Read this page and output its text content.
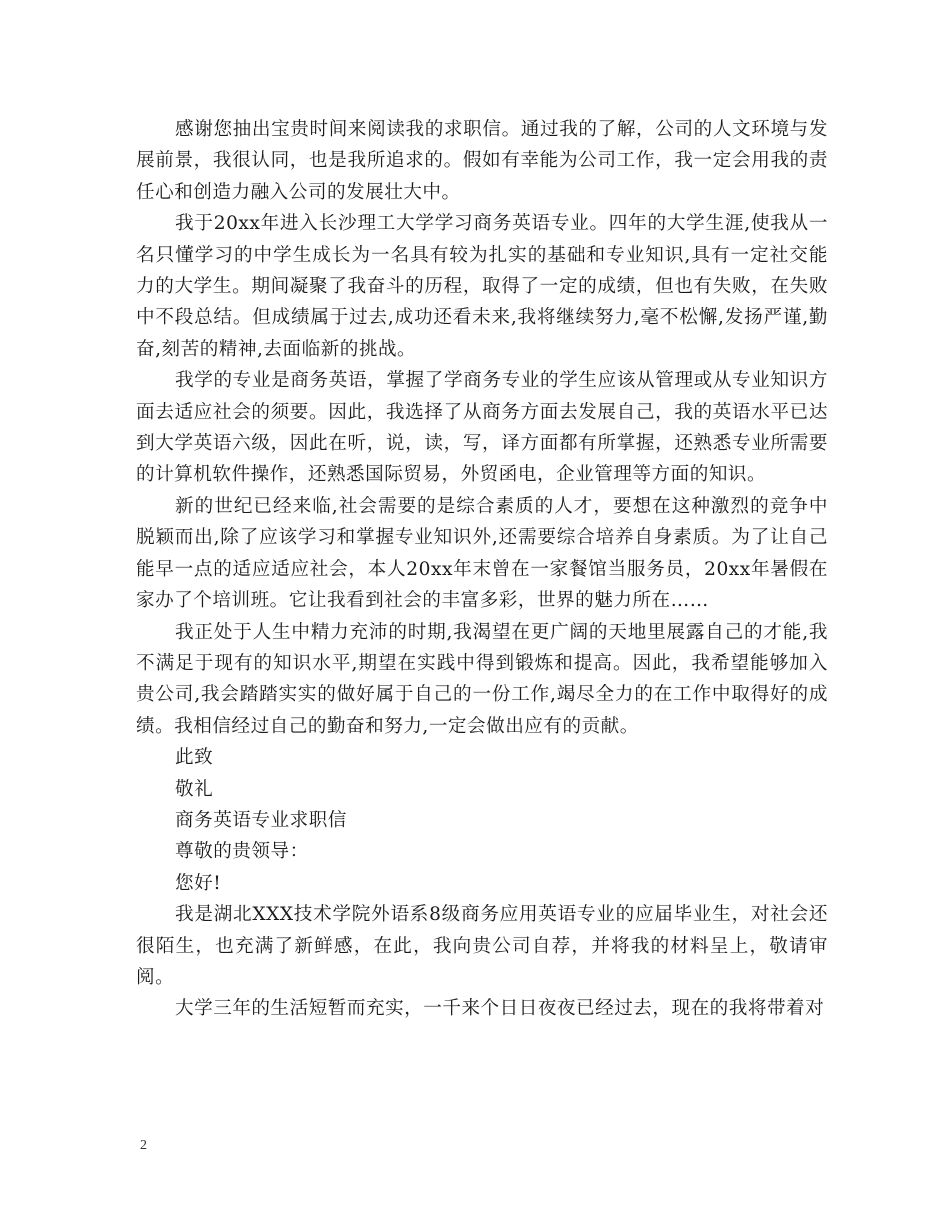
感谢您抽出宝贵时间来阅读我的求职信。通过我的了解，公司的人文环境与发展前景，我很认同，也是我所追求的。假如有幸能为公司工作，我一定会用我的责任心和创造力融入公司的发展壮大中。

我于20xx年进入长沙理工大学学习商务英语专业。四年的大学生涯,使我从一名只懂学习的中学生成长为一名具有较为扎实的基础和专业知识,具有一定社交能力的大学生。期间凝聚了我奋斗的历程，取得了一定的成绩，但也有失败，在失败中不段总结。但成绩属于过去,成功还看未来,我将继续努力,毫不松懈,发扬严谨,勤奋,刻苦的精神,去面临新的挑战。

我学的专业是商务英语，掌握了学商务专业的学生应该从管理或从专业知识方面去适应社会的须要。因此，我选择了从商务方面去发展自己，我的英语水平已达到大学英语六级，因此在听，说，读，写，译方面都有所掌握，还熟悉专业所需要的计算机软件操作，还熟悉国际贸易，外贸函电，企业管理等方面的知识。

新的世纪已经来临,社会需要的是综合素质的人才，要想在这种激烈的竞争中脱颖而出,除了应该学习和掌握专业知识外,还需要综合培养自身素质。为了让自己能早一点的适应适应社会，本人20xx年末曾在一家餐馆当服务员，20xx年暑假在家办了个培训班。它让我看到社会的丰富多彩，世界的魅力所在……

我正处于人生中精力充沛的时期,我渴望在更广阔的天地里展露自己的才能,我不满足于现有的知识水平,期望在实践中得到锻炼和提高。因此，我希望能够加入贵公司,我会踏踏实实的做好属于自己的一份工作,竭尽全力的在工作中取得好的成绩。我相信经过自己的勤奋和努力,一定会做出应有的贡献。

此致

敬礼

商务英语专业求职信

尊敬的贵领导：

您好!

我是湖北XXX技术学院外语系8级商务应用英语专业的应届毕业生，对社会还很陌生，也充满了新鲜感，在此，我向贵公司自荐，并将我的材料呈上，敬请审阅。

大学三年的生活短暂而充实，一千来个日日夜夜已经过去，现在的我将带着对

2
